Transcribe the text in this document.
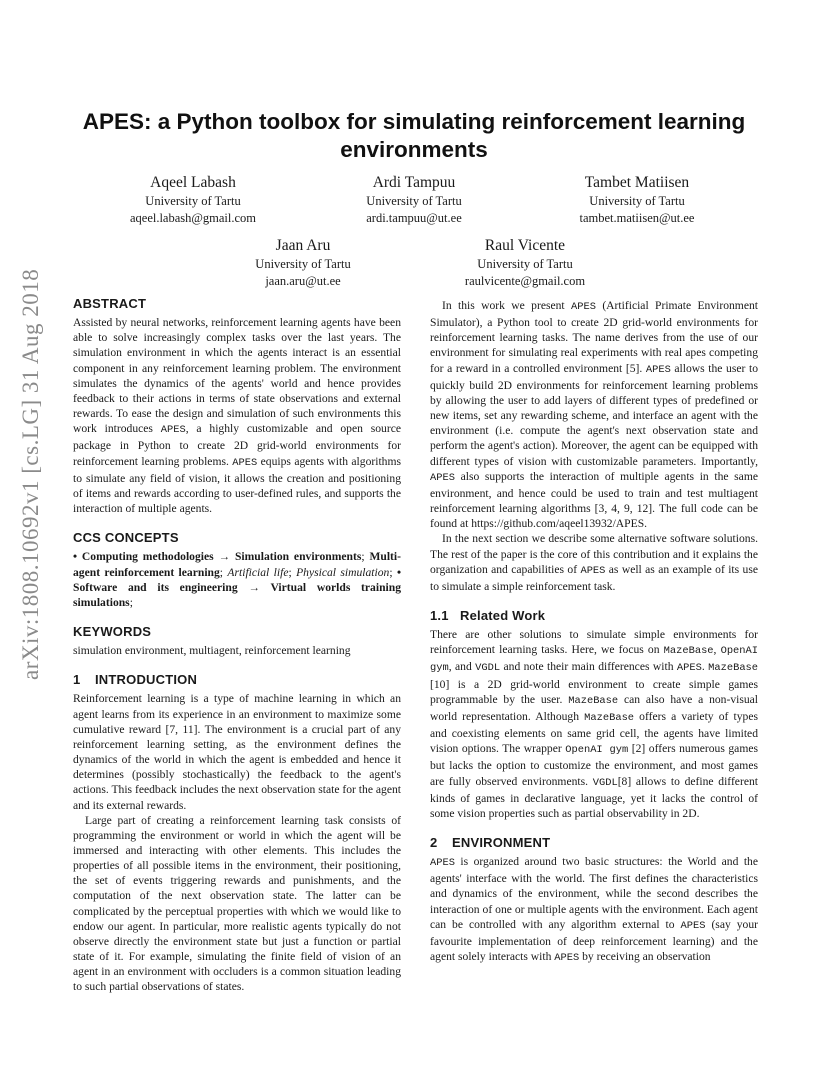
arXiv:1808.10692v1 [cs.LG] 31 Aug 2018
APES: a Python toolbox for simulating reinforcement learning environments
Aqeel Labash
University of Tartu
aqeel.labash@gmail.com
Ardi Tampuu
University of Tartu
ardi.tampuu@ut.ee
Tambet Matiisen
University of Tartu
tambet.matiisen@ut.ee
Jaan Aru
University of Tartu
jaan.aru@ut.ee
Raul Vicente
University of Tartu
raulvicente@gmail.com
ABSTRACT

Assisted by neural networks, reinforcement learning agents have been able to solve increasingly complex tasks over the last years. The simulation environment in which the agents interact is an essential component in any reinforcement learning problem. The environment simulates the dynamics of the agents' world and hence provides feedback to their actions in terms of state observations and external rewards. To ease the design and simulation of such environments this work introduces APES, a highly customizable and open source package in Python to create 2D grid-world environments for reinforcement learning problems. APES equips agents with algorithms to simulate any field of vision, it allows the creation and positioning of items and rewards according to user-defined rules, and supports the interaction of multiple agents.

CCS CONCEPTS

• Computing methodologies → Simulation environments; Multi-agent reinforcement learning; Artificial life; Physical simulation; • Software and its engineering → Virtual worlds training simulations;

KEYWORDS

simulation environment, multiagent, reinforcement learning

1 INTRODUCTION

Reinforcement learning is a type of machine learning in which an agent learns from its experience in an environment to maximize some cumulative reward [7, 11]. The environment is a crucial part of any reinforcement learning setting, as the environment defines the dynamics of the world in which the agent is embedded and hence it determines (possibly stochastically) the feedback to the agent's actions. This feedback includes the next observation state for the agent and its external rewards.

Large part of creating a reinforcement learning task consists of programming the environment or world in which the agent will be immersed and interacting with other elements. This includes the properties of all possible items in the environment, their positioning, the set of events triggering rewards and punishments, and the computation of the next observation state. The latter can be complicated by the perceptual properties with which we would like to endow our agent. In particular, more realistic agents typically do not observe directly the environment state but just a function or partial state of it. For example, simulating the finite field of vision of an agent in an environment with occluders is a common situation leading to such partial observations of states.

In this work we present APES (Artificial Primate Environment Simulator), a Python tool to create 2D grid-world environments for reinforcement learning tasks. The name derives from the use of our environment for simulating real experiments with real apes competing for a reward in a controlled environment [5]. APES allows the user to quickly build 2D environments for reinforcement learning problems by allowing the user to add layers of different types of predefined or new items, set any rewarding scheme, and interface an agent with the environment (i.e. compute the agent's next observation state and perform the agent's action). Moreover, the agent can be equipped with different types of vision with customizable parameters. Importantly, APES also supports the interaction of multiple agents in the same environment, and hence could be used to train and test multiagent reinforcement learning algorithms [3, 4, 9, 12]. The full code can be found at https://github.com/aqeel13932/APES.

In the next section we describe some alternative software solutions. The rest of the paper is the core of this contribution and it explains the organization and capabilities of APES as well as an example of its use to simulate a simple reinforcement task.

1.1 Related Work

There are other solutions to simulate simple environments for reinforcement learning tasks. Here, we focus on MazeBase, OpenAI gym, and VGDL and note their main differences with APES. MazeBase [10] is a 2D grid-world environment to create simple games programmable by the user. MazeBase can also have a non-visual world representation. Although MazeBase offers a variety of types and coexisting elements on same grid cell, the agents have limited vision options. The wrapper OpenAI gym [2] offers numerous games but lacks the option to customize the environment, and most games are fully observed environments. VGDL[8] allows to define different kinds of games in declarative language, yet it lacks the control of some vision properties such as partial observability in 2D.

2 ENVIRONMENT

APES is organized around two basic structures: the World and the agents' interface with the world. The first defines the characteristics and dynamics of the environment, while the second describes the interaction of one or multiple agents with the environment. Each agent can be controlled with any algorithm external to APES (say your favourite implementation of deep reinforcement learning) and the agent solely interacts with APES by receiving an observation
